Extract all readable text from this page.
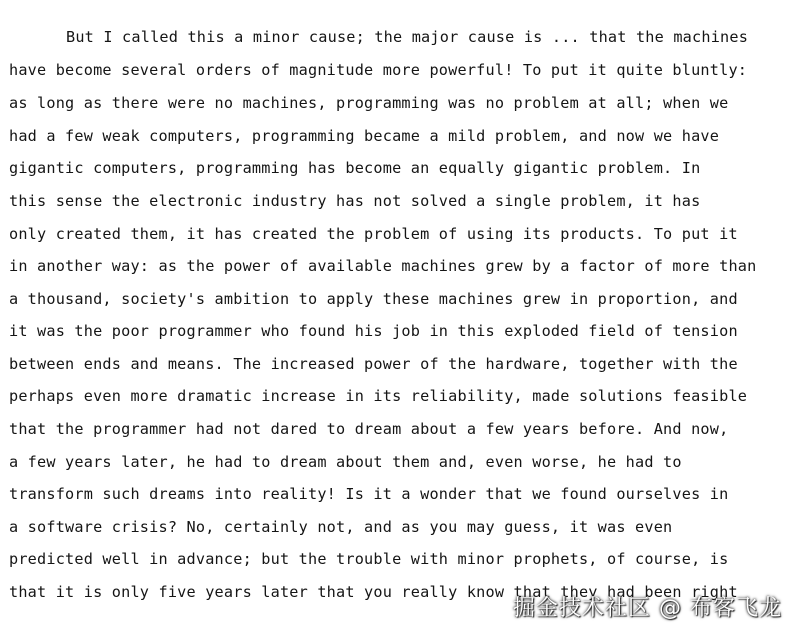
But I called this a minor cause; the major cause is ... that the machines
have become several orders of magnitude more powerful! To put it quite bluntly:
as long as there were no machines, programming was no problem at all; when we
had a few weak computers, programming became a mild problem, and now we have
gigantic computers, programming has become an equally gigantic problem. In
this sense the electronic industry has not solved a single problem, it has
only created them, it has created the problem of using its products. To put it
in another way: as the power of available machines grew by a factor of more than
a thousand, society's ambition to apply these machines grew in proportion, and
it was the poor programmer who found his job in this exploded field of tension
between ends and means. The increased power of the hardware, together with the
perhaps even more dramatic increase in its reliability, made solutions feasible
that the programmer had not dared to dream about a few years before. And now,
a few years later, he had to dream about them and, even worse, he had to
transform such dreams into reality! Is it a wonder that we found ourselves in
a software crisis? No, certainly not, and as you may guess, it was even
predicted well in advance; but the trouble with minor prophets, of course, is
that it is only five years later that you really know that they had been right
掘金技术社区 @ 布客飞龙
